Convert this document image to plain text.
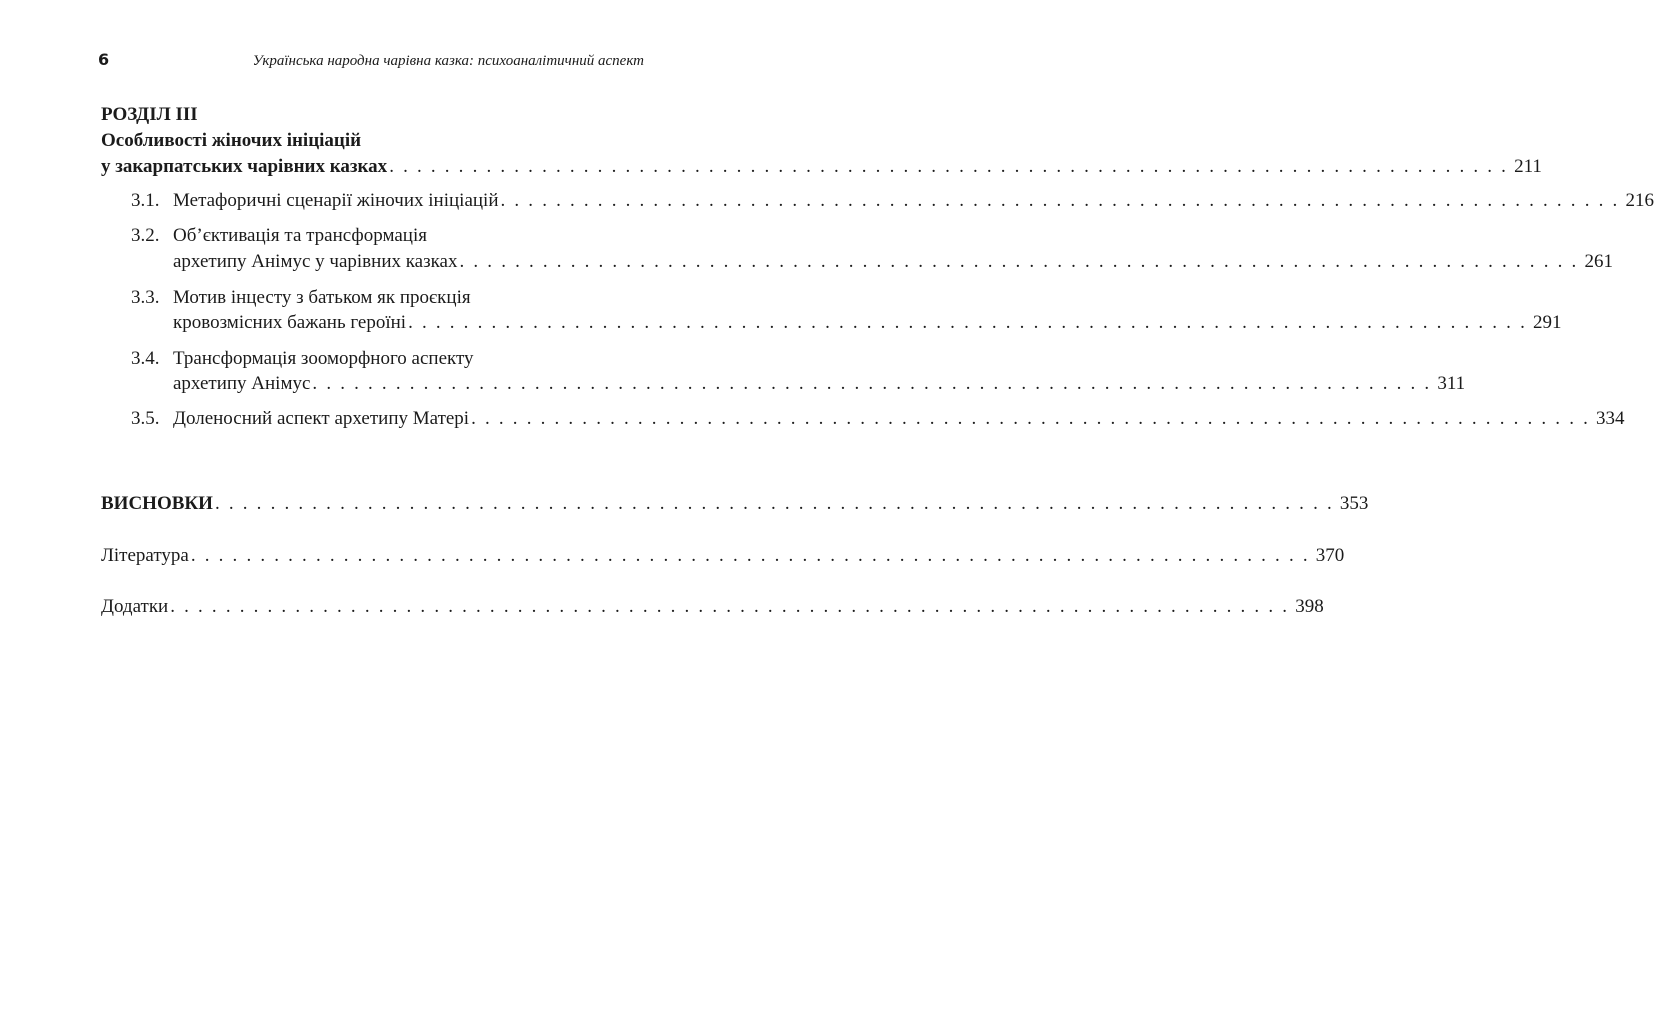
6	Українська народна чарівна казка: психоаналітичний аспект
РОЗДІЛ III
Особливості жіночих ініціацій
у закарпатських чарівних казках . . . . . . . . . . . . . . . . . . . . . . . . . . . . . . . . . . . . . . . . . . . . . . . . . . . . . . . . . . . . . . . . . . . . . . . . . . . . . . . . . 211
3.1. Метафоричні сценарії жіночих ініціацій . . . . . . . . . . . . . . . . . . . . . . . . . . . . . . . . . . . . . . . . . . . . . . . . . . . . . . . . . . . . . . . . . . . . . . . . . . . . . . . . . 216
3.2. Об’єктивація та трансформація
архетипу Анімус у чарівних казках . . . . . . . . . . . . . . . . . . . . . . . . . . . . . . . . . . . . . . . . . . . . . . . . . . . . . . . . . . . . . . . . . . . . . . . . . . . . . . . . . 261
3.3. Мотив інцесту з батьком як проєкція
кровозмісних бажань героїні . . . . . . . . . . . . . . . . . . . . . . . . . . . . . . . . . . . . . . . . . . . . . . . . . . . . . . . . . . . . . . . . . . . . . . . . . . . . . . . . . 291
3.4. Трансформація зооморфного аспекту
архетипу Анімус . . . . . . . . . . . . . . . . . . . . . . . . . . . . . . . . . . . . . . . . . . . . . . . . . . . . . . . . . . . . . . . . . . . . . . . . . . . . . . . . . 311
3.5. Доленосний аспект архетипу Матері . . . . . . . . . . . . . . . . . . . . . . . . . . . . . . . . . . . . . . . . . . . . . . . . . . . . . . . . . . . . . . . . . . . . . . . . . . . . . . . . . 334
ВИСНОВКИ . . . . . . . . . . . . . . . . . . . . . . . . . . . . . . . . . . . . . . . . . . . . . . . . . . . . . . . . . . . . . . . . . . . . . . . . . . . . . . . . . 353
Література . . . . . . . . . . . . . . . . . . . . . . . . . . . . . . . . . . . . . . . . . . . . . . . . . . . . . . . . . . . . . . . . . . . . . . . . . . . . . . . . . 370
Додатки . . . . . . . . . . . . . . . . . . . . . . . . . . . . . . . . . . . . . . . . . . . . . . . . . . . . . . . . . . . . . . . . . . . . . . . . . . . . . . . . . 398
